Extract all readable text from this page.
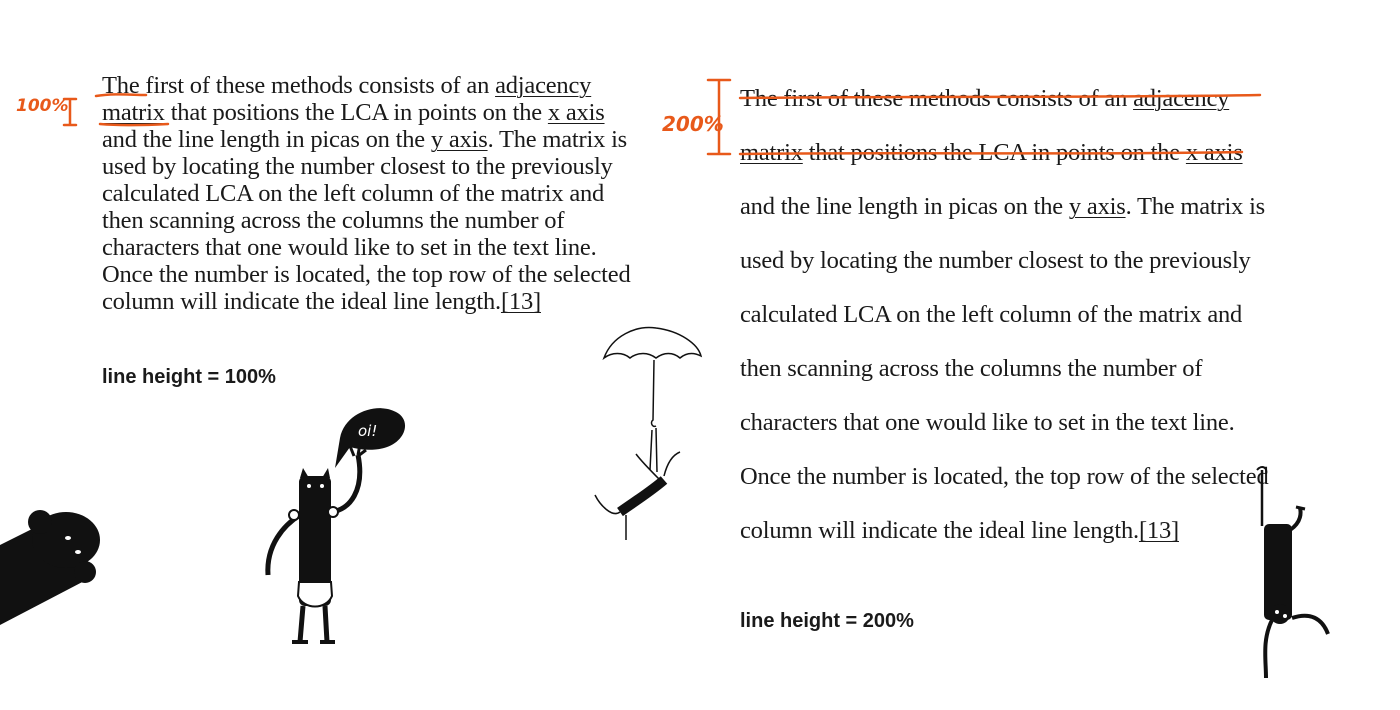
The first of these methods consists of an adjacency matrix that positions the LCA in points on the x axis and the line length in picas on the y axis. The matrix is used by locating the number closest to the previously calculated LCA on the left column of the matrix and then scanning across the columns the number of characters that one would like to set in the text line. Once the number is located, the top row of the selected column will indicate the ideal line length.[13]

line height = 100%

The first of these methods consists of an adjacency matrix that positions the LCA in points on the x axis and the line length in picas on the y axis. The matrix is used by locating the number closest to the previously calculated LCA on the left column of the matrix and then scanning across the columns the number of characters that one would like to set in the text line. Once the number is located, the top row of the selected column will indicate the ideal line length.[13]

line height = 200%
100%
200%
oi!
